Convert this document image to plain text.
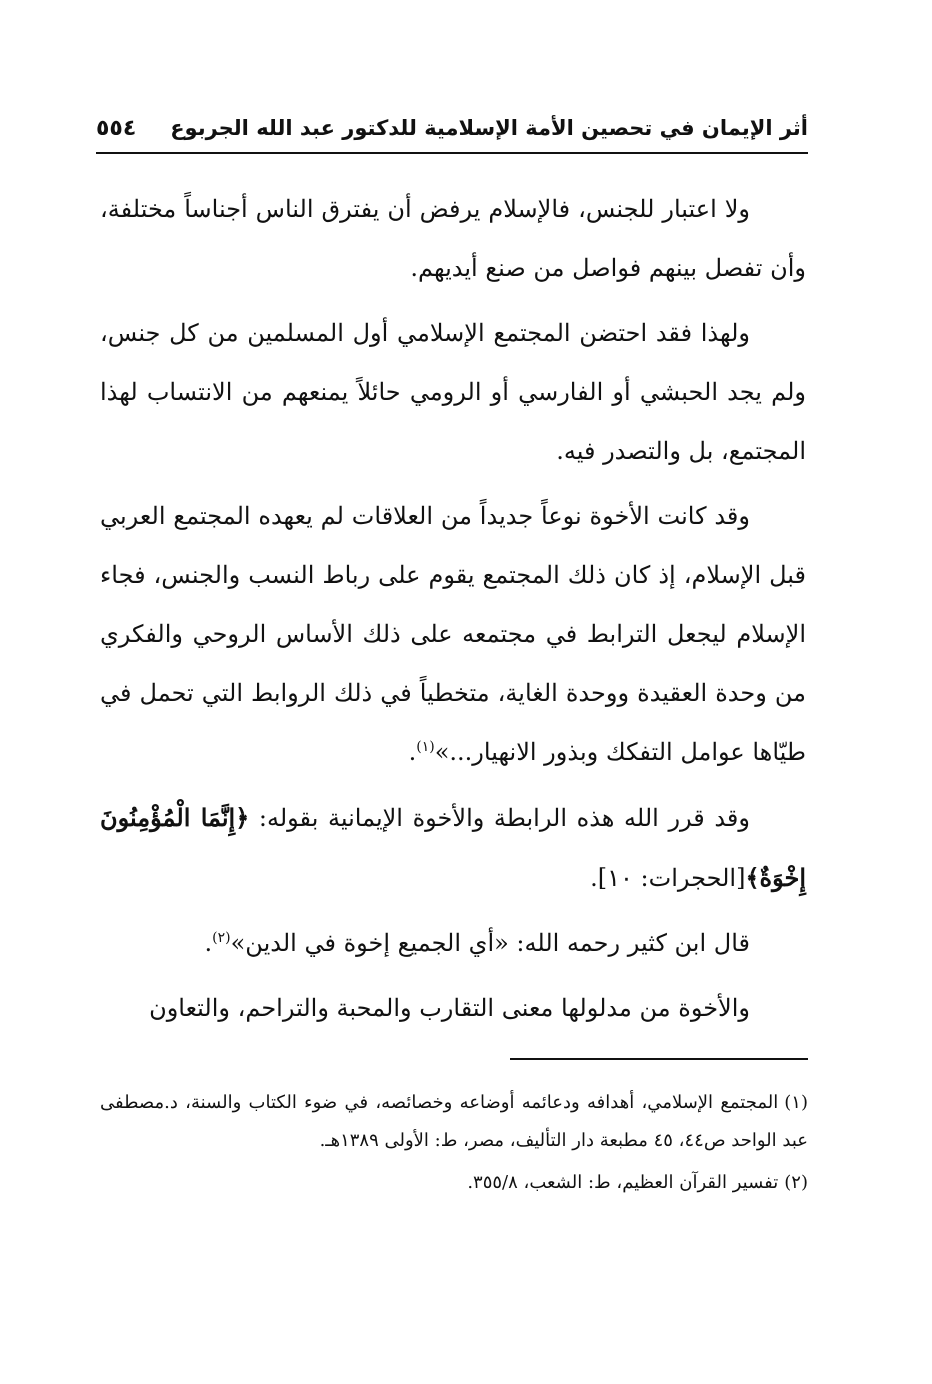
أثر الإيمان في تحصين الأمة الإسلامية للدكتور عبد الله الجربوع
٥٥٤

ولا اعتبار للجنس، فالإسلام يرفض أن يفترق الناس أجناساً مختلفة، وأن تفصل بينهم فواصل من صنع أيديهم.

ولهذا فقد احتضن المجتمع الإسلامي أول المسلمين من كل جنس، ولم يجد الحبشي أو الفارسي أو الرومي حائلاً يمنعهم من الانتساب لهذا المجتمع، بل والتصدر فيه.

وقد كانت الأخوة نوعاً جديداً من العلاقات لم يعهده المجتمع العربي قبل الإسلام، إذ كان ذلك المجتمع يقوم على رباط النسب والجنس، فجاء الإسلام ليجعل الترابط في مجتمعه على ذلك الأساس الروحي والفكري من وحدة العقيدة ووحدة الغاية، متخطياً في ذلك الروابط التي تحمل في طيّاها عوامل التفكك وبذور الانهيار...»$^{(١)}$.

وقد قرر الله هذه الرابطة والأخوة الإيمانية بقوله: ﴿إِنَّمَا الْمُؤْمِنُونَ إِخْوَةٌ﴾[الحجرات: ١٠].

قال ابن كثير رحمه الله: «أي الجميع إخوة في الدين»$^{(٢)}$.

والأخوة من مدلولها معنى التقارب والمحبة والتراحم، والتعاون

(١)المجتمع الإسلامي، أهدافه ودعائمه أوضاعه وخصائصه، في ضوء الكتاب والسنة، د.مصطفى عبد الواحد ص٤٤، ٤٥ مطبعة دار التأليف، مصر، ط: الأولى ١٣٨٩هـ.
(٢)تفسير القرآن العظيم، ط: الشعب، ٣٥٥/٨.
